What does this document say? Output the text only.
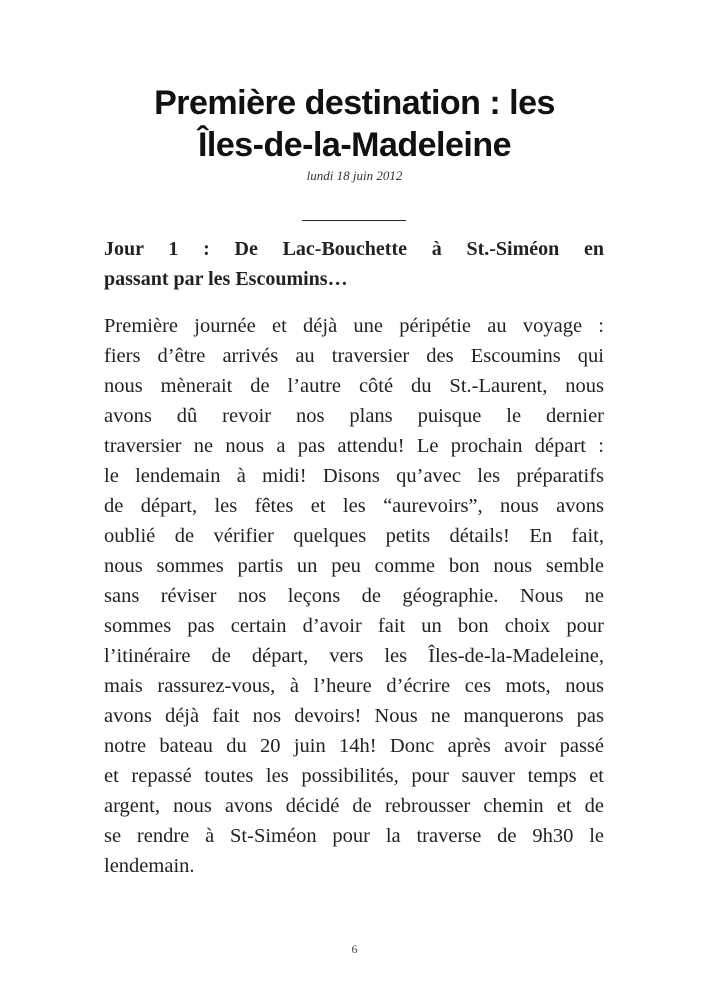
Première destination : les
Îles-de-la-Madeleine
lundi 18 juin 2012
Jour 1 : De Lac-Bouchette à St.-Siméon en
passant par les Escoumins…
Première journée et déjà une péripétie au voyage :
fiers d’être arrivés au traversier des Escoumins qui
nous mènerait de l’autre côté du St.-Laurent, nous
avons dû revoir nos plans puisque le dernier
traversier ne nous a pas attendu! Le prochain départ :
le lendemain à midi! Disons qu’avec les préparatifs
de départ, les fêtes et les “aurevoirs”, nous avons
oublié de vérifier quelques petits détails! En fait,
nous sommes partis un peu comme bon nous semble
sans réviser nos leçons de géographie. Nous ne
sommes pas certain d’avoir fait un bon choix pour
l’itinéraire de départ, vers les Îles-de-la-Madeleine,
mais rassurez-vous, à l’heure d’écrire ces mots, nous
avons déjà fait nos devoirs! Nous ne manquerons pas
notre bateau du 20 juin 14h! Donc après avoir passé
et repassé toutes les possibilités, pour sauver temps et
argent, nous avons décidé de rebrousser chemin et de
se rendre à St-Siméon pour la traverse de 9h30 le
lendemain.
6
